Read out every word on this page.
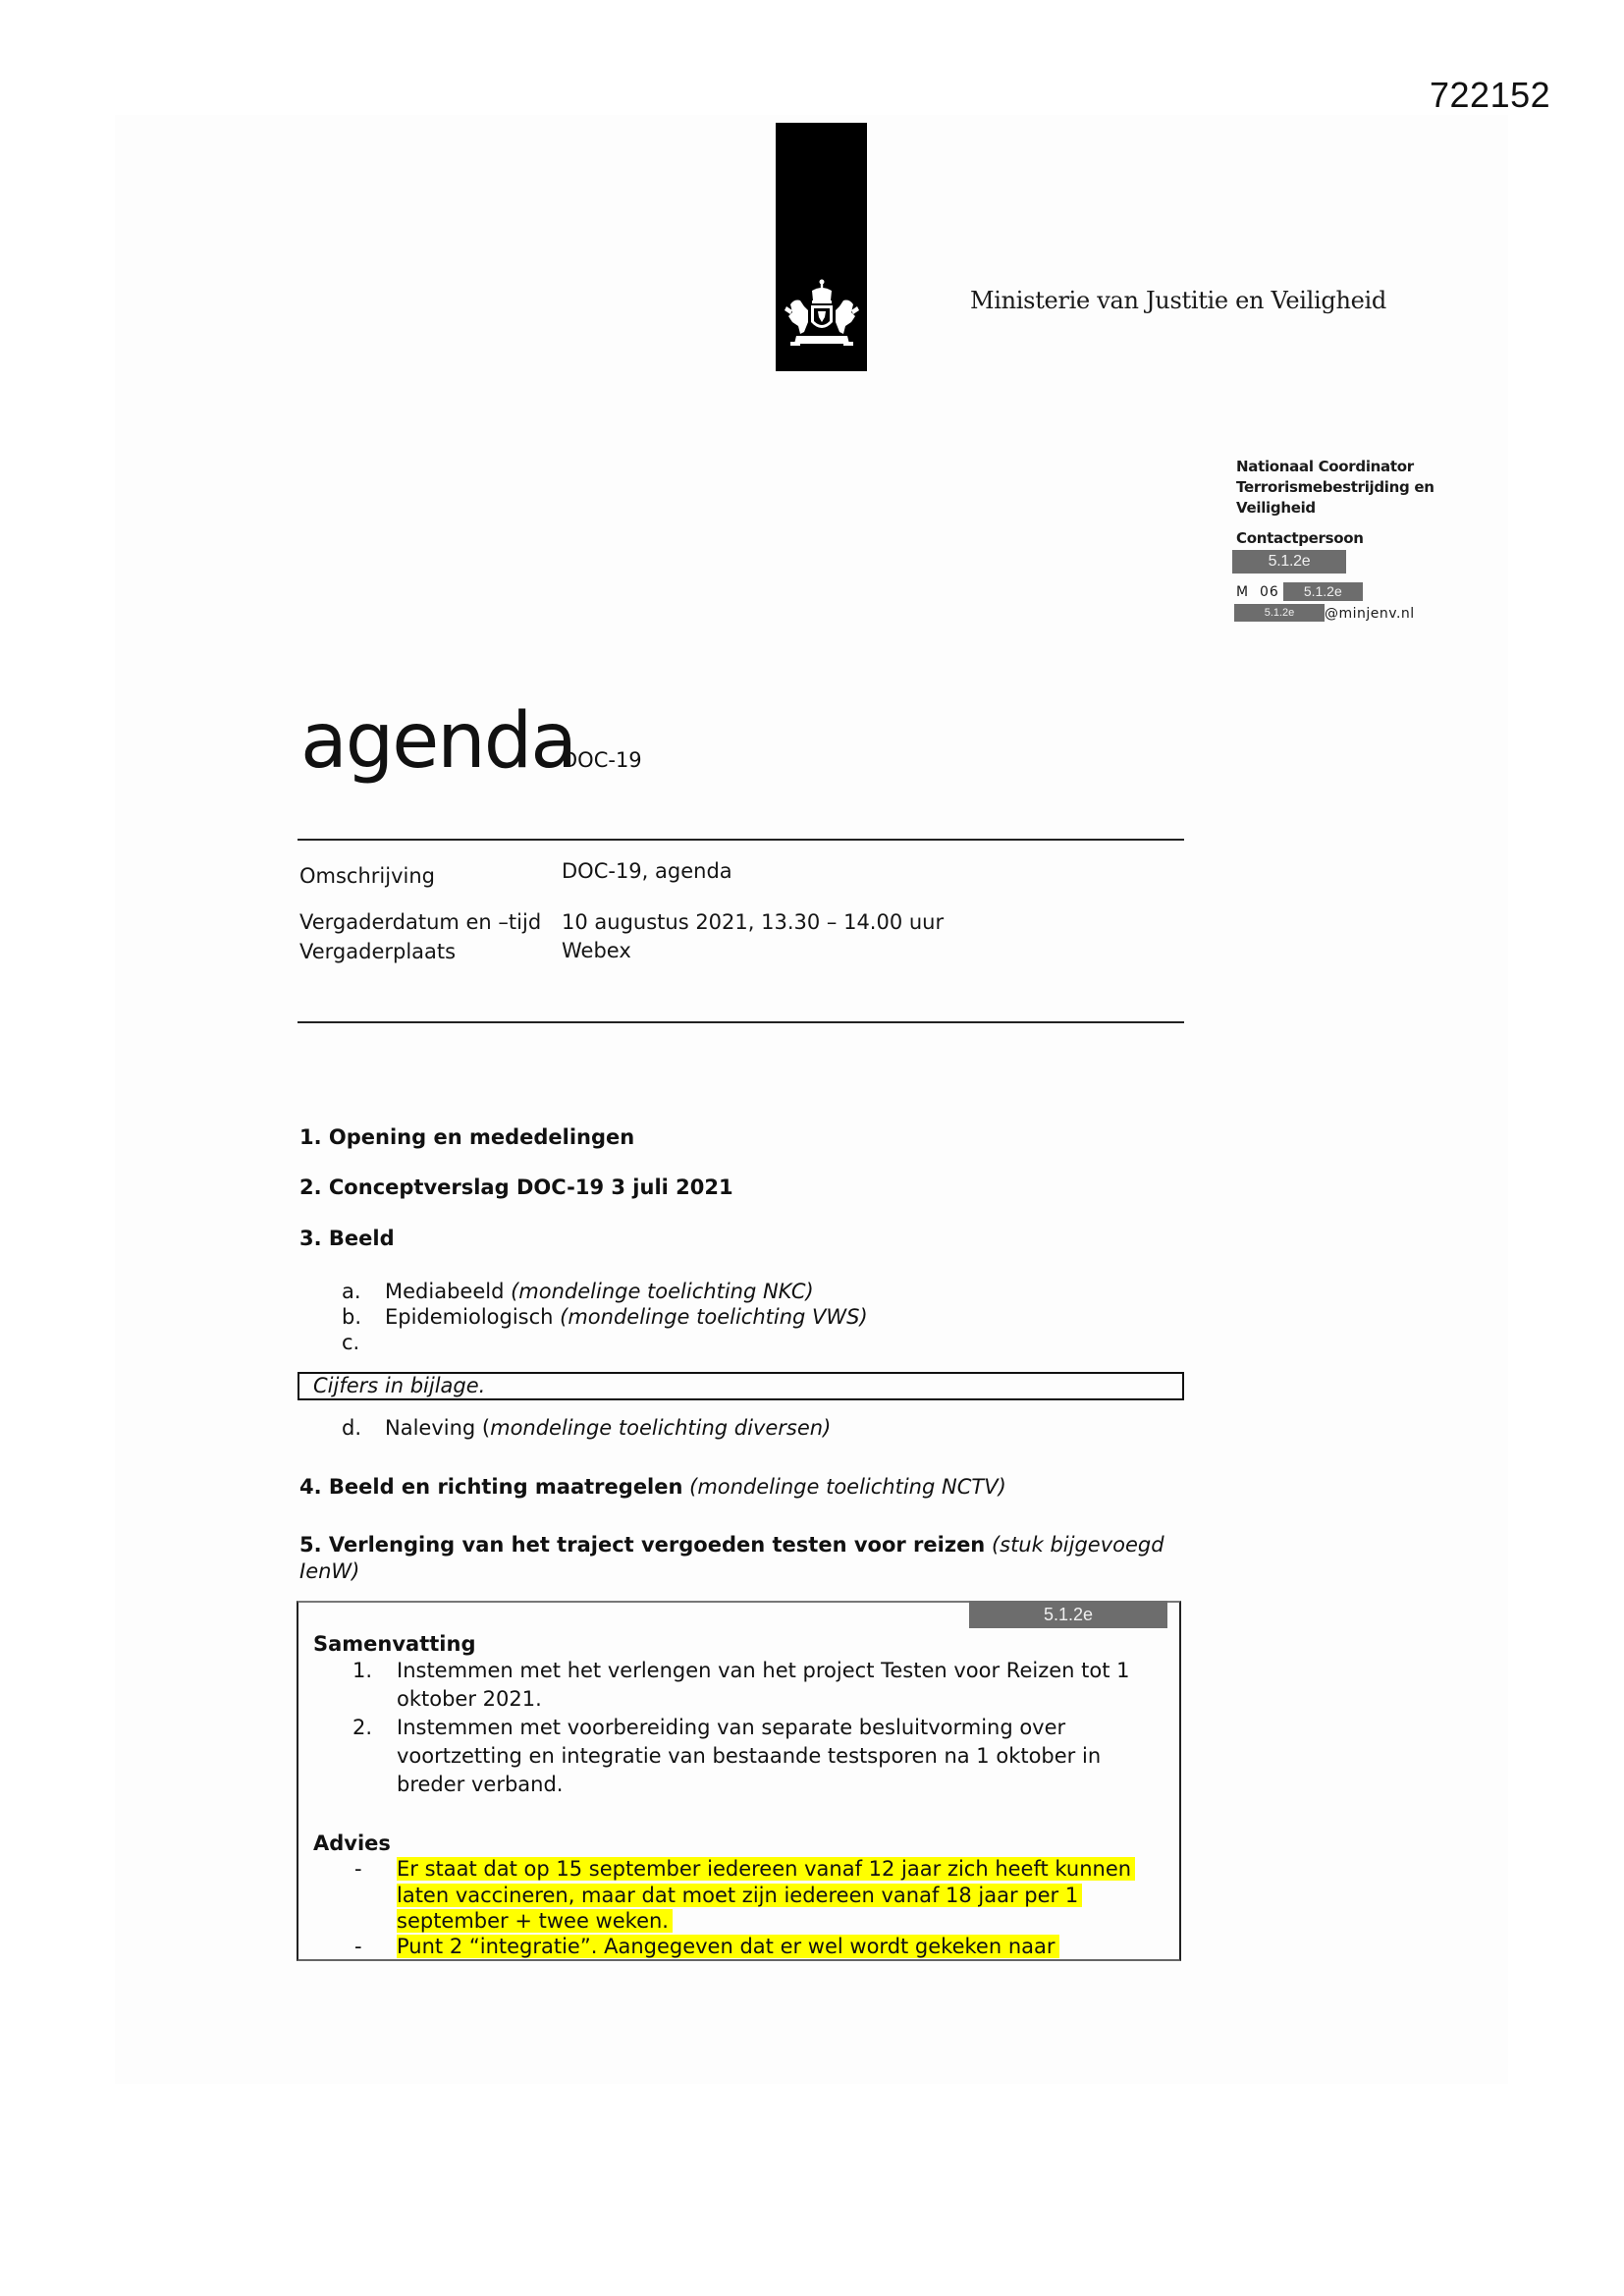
722152
Ministerie van Justitie en Veiligheid
Nationaal Coordinator
Terrorismebestrijding en
Veiligheid
Contactpersoon
5.1.2e
M  06 5.1.2e
5.1.2e @minjenv.nl
agenda
DOC-19
Omschrijving	DOC-19, agenda
Vergaderdatum en –tijd 10 augustus 2021, 13.30 – 14.00 uur
Vergaderplaats	Webex
1. Opening en mededelingen
2. Conceptverslag DOC-19 3 juli 2021
3. Beeld
a. Mediabeeld (mondelinge toelichting NKC)
b. Epidemiologisch (mondelinge toelichting VWS)
c.
Cijfers in bijlage.
d. Naleving (mondelinge toelichting diversen)
4. Beeld en richting maatregelen (mondelinge toelichting NCTV)
5. Verlenging van het traject vergoeden testen voor reizen (stuk bijgevoegd IenW)
5.1.2e
Samenvatting
1. Instemmen met het verlengen van het project Testen voor Reizen tot 1 oktober 2021.
2. Instemmen met voorbereiding van separate besluitvorming over voortzetting en integratie van bestaande testsporen na 1 oktober in breder verband.
Advies
- Er staat dat op 15 september iedereen vanaf 12 jaar zich heeft kunnen laten vaccineren, maar dat moet zijn iedereen vanaf 18 jaar per 1 september + twee weken.
- Punt 2 “integratie”. Aangegeven dat er wel wordt gekeken naar
